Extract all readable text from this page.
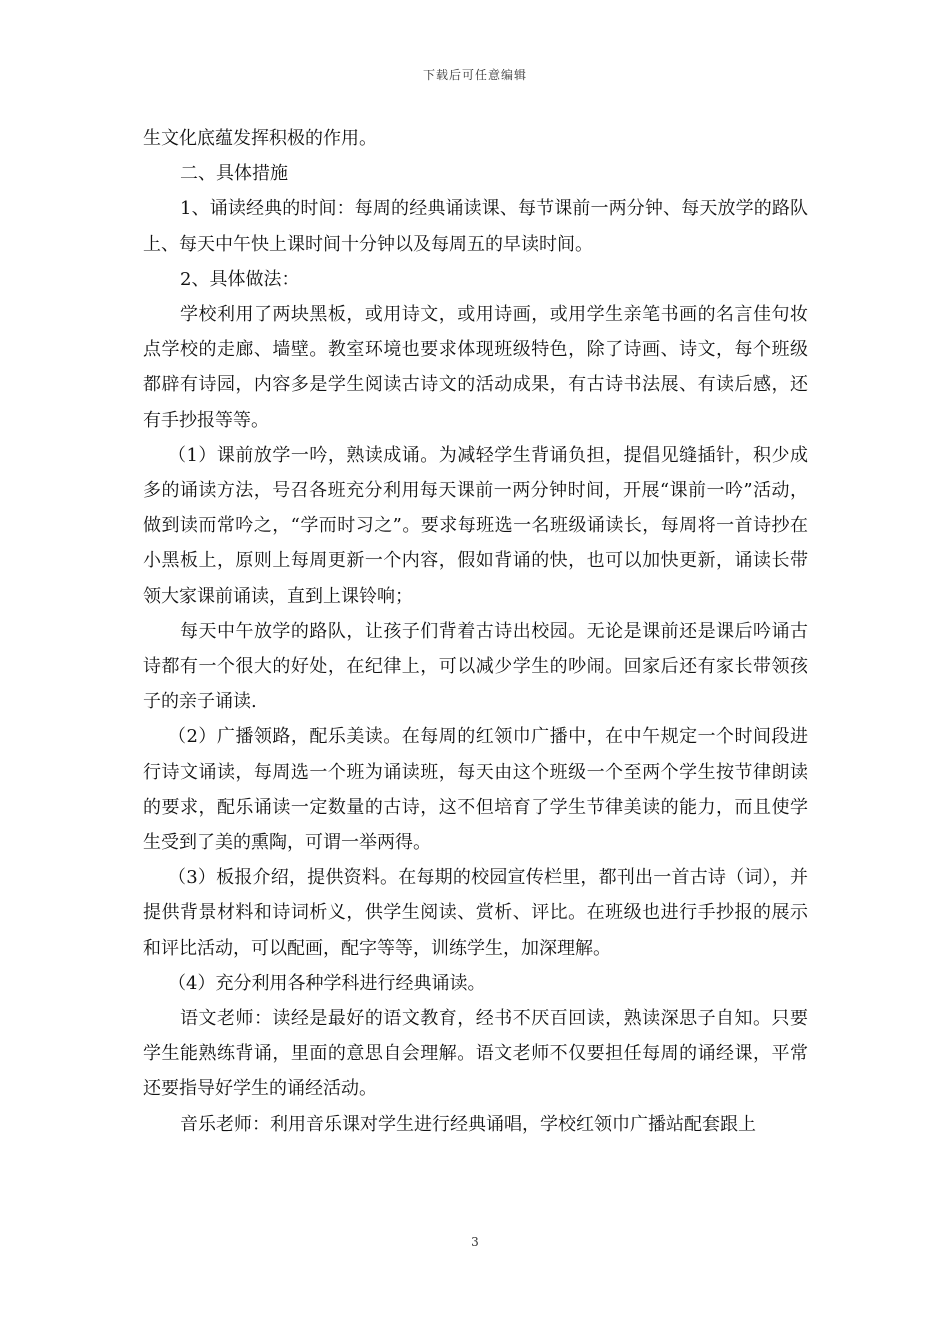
下载后可任意编辑

生文化底蕴发挥积极的作用。

二、具体措施

1、诵读经典的时间：每周的经典诵读课、每节课前一两分钟、每天放学的路队上、每天中午快上课时间十分钟以及每周五的早读时间。

2、具体做法：

学校利用了两块黑板，或用诗文，或用诗画，或用学生亲笔书画的名言佳句妆点学校的走廊、墙壁。教室环境也要求体现班级特色，除了诗画、诗文，每个班级都辟有诗园，内容多是学生阅读古诗文的活动成果，有古诗书法展、有读后感，还有手抄报等等。

（1）课前放学一吟，熟读成诵。为减轻学生背诵负担，提倡见缝插针，积少成多的诵读方法，号召各班充分利用每天课前一两分钟时间，开展“课前一吟”活动，做到读而常吟之，“学而时习之”。要求每班选一名班级诵读长，每周将一首诗抄在小黑板上，原则上每周更新一个内容，假如背诵的快，也可以加快更新，诵读长带领大家课前诵读，直到上课铃响；

每天中午放学的路队，让孩子们背着古诗出校园。无论是课前还是课后吟诵古诗都有一个很大的好处，在纪律上，可以减少学生的吵闹。回家后还有家长带领孩子的亲子诵读.

（2）广播领路，配乐美读。在每周的红领巾广播中，在中午规定一个时间段进行诗文诵读，每周选一个班为诵读班，每天由这个班级一个至两个学生按节律朗读的要求，配乐诵读一定数量的古诗，这不但培育了学生节律美读的能力，而且使学生受到了美的熏陶，可谓一举两得。

（3）板报介绍，提供资料。在每期的校园宣传栏里，都刊出一首古诗（词），并提供背景材料和诗词析义，供学生阅读、赏析、评比。在班级也进行手抄报的展示和评比活动，可以配画，配字等等，训练学生，加深理解。

（4）充分利用各种学科进行经典诵读。

语文老师：读经是最好的语文教育，经书不厌百回读，熟读深思子自知。只要学生能熟练背诵，里面的意思自会理解。语文老师不仅要担任每周的诵经课，平常还要指导好学生的诵经活动。

音乐老师：利用音乐课对学生进行经典诵唱，学校红领巾广播站配套跟上

3
